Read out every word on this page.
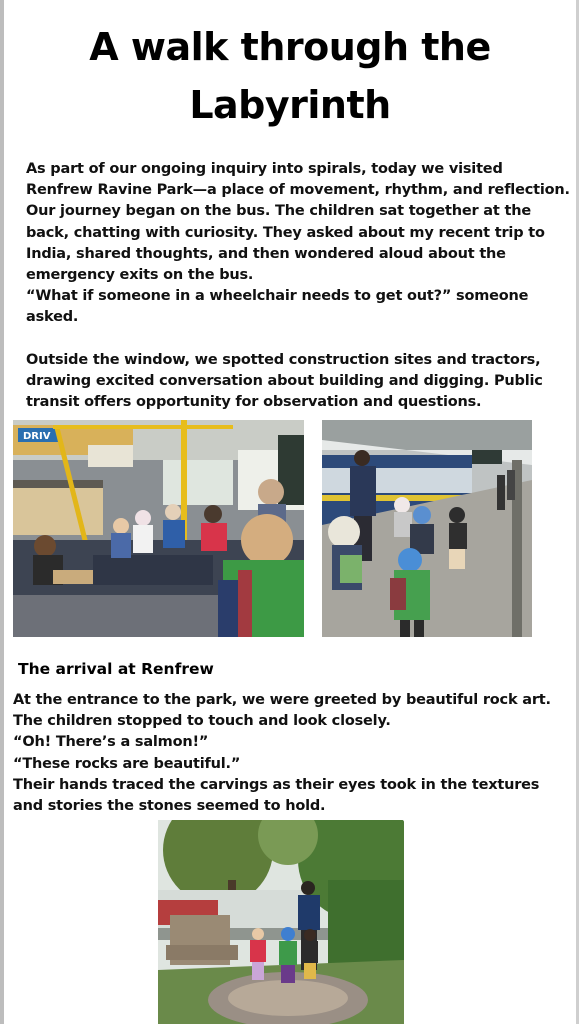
A walk through the
Labyrinth

As part of our ongoing inquiry into spirals, today we visited Renfrew Ravine Park—a place of movement, rhythm, and reflection.

Our journey began on the bus. The children sat together at the back, chatting with curiosity. They asked about my recent trip to India, shared thoughts, and then wondered aloud about the emergency exits on the bus.

“What if someone in a wheelchair needs to get out?” someone asked.

Outside the window, we spotted construction sites and tractors, drawing excited conversation about building and digging. Public transit offers opportunity for observation and questions.

DRIV
The arrival at Renfrew

At the entrance to the park, we were greeted by beautiful rock art. The children stopped to touch and look closely.

“Oh! There’s a salmon!”

“These rocks are beautiful.”

Their hands traced the carvings as their eyes took in the textures and stories the stones seemed to hold.
